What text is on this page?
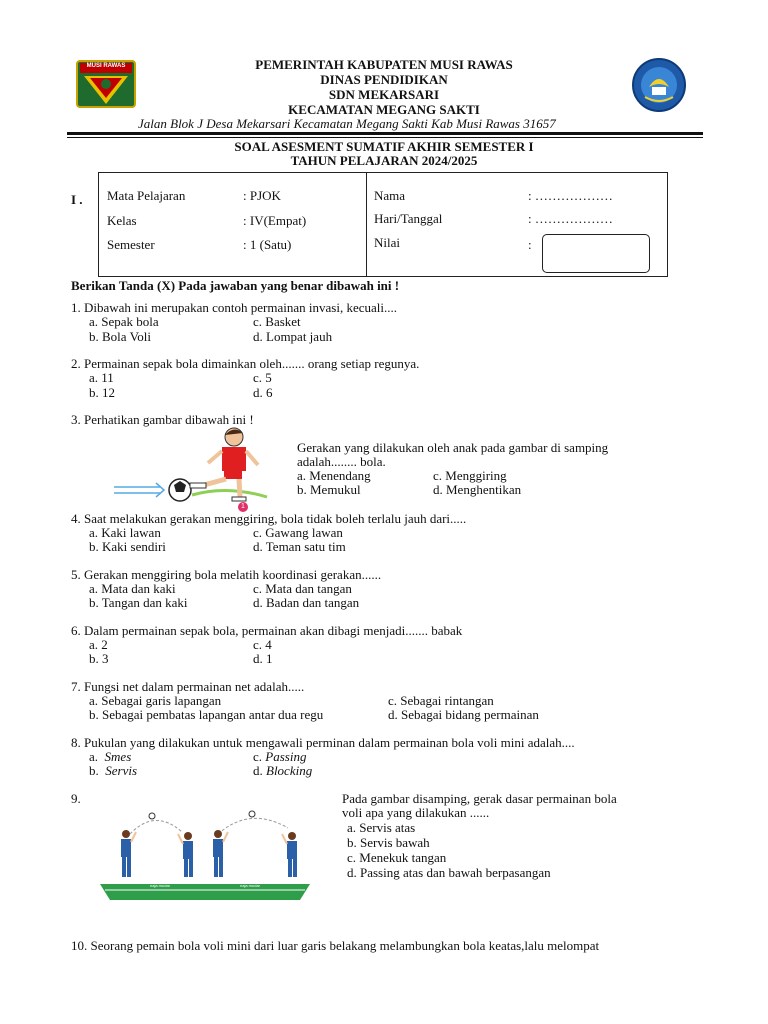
MUSI RAWAS	PEMERINTAH KABUPATEN MUSI RAWAS
DINAS PENDIDIKAN
SDN MEKARSARI
KECAMATAN MEGANG SAKTI
Jalan Blok J Desa Mekarsari Kecamatan Megang Sakti Kab Musi Rawas 31657
SOAL ASESMENT SUMATIF AKHIR SEMESTER I
TAHUN PELAJARAN 2024/2025
I . Mata Pelajaran	: PJOK
Kelas	: IV(Empat)
Semester	: 1 (Satu)
Nama	: ………………
Hari/Tanggal	: ………………
Nilai	:
Berikan Tanda (X) Pada jawaban yang benar dibawah ini !
1. Dibawah ini merupakan contoh permainan invasi, kecuali....
a. Sepak bola	c. Basket
b. Bola Voli	d. Lompat jauh
2. Permainan sepak bola dimainkan oleh....... orang setiap regunya.
a. 11	c. 5
b. 12	d. 6
3. Perhatikan gambar dibawah ini !
1
Gerakan yang dilakukan oleh anak pada gambar di samping
adalah........ bola.
a. Menendang	c. Menggiring
b. Memukul	d. Menghentikan
4. Saat melakukan gerakan menggiring, bola tidak boleh terlalu jauh dari.....
a. Kaki lawan	c. Gawang lawan
b. Kaki sendiri	d. Teman satu tim
5. Gerakan menggiring bola melatih koordinasi gerakan......
a. Mata dan kaki	c. Mata dan tangan
b. Tangan dan kaki	d. Badan dan tangan
6. Dalam permainan sepak bola, permainan akan dibagi menjadi....... babak
a. 2	c. 4
b. 3	d. 1
7. Fungsi net dalam permainan net adalah.....
a. Sebagai garis lapangan	c. Sebagai rintangan
b. Sebagai pembatas lapangan antar dua regu	d. Sebagai bidang permainan
8. Pukulan yang dilakukan untuk mengawali perminan dalam permainan bola voli mini adalah....
a. Smes	c. Passing
b. Servis	d. Blocking
9.
naja mudar	naja mudar
Pada gambar disamping, gerak dasar permainan bola
voli apa yang dilakukan ......
a. Servis atas
b. Servis bawah
c. Menekuk tangan
d. Passing atas dan bawah berpasangan
10. Seorang pemain bola voli mini dari luar garis belakang melambungkan bola keatas,lalu melompat
